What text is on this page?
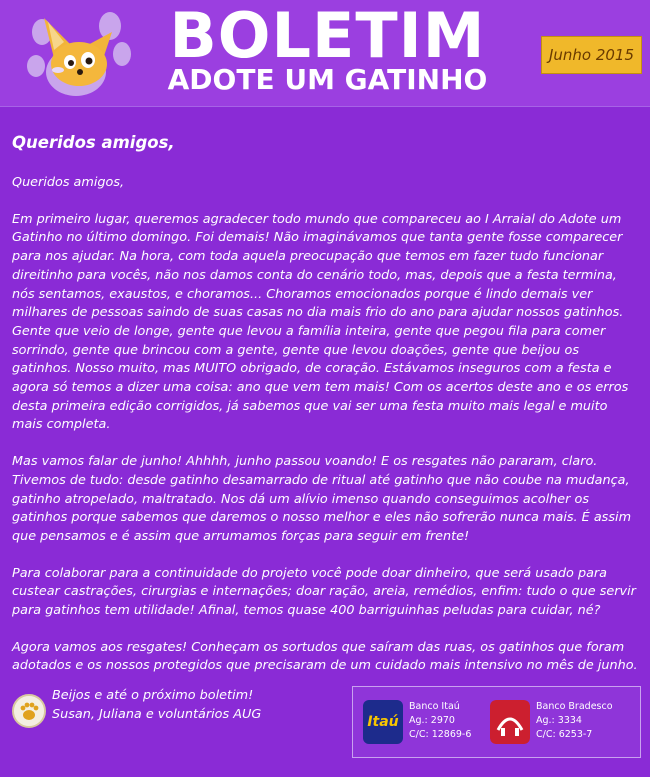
BOLETIM
ADOTE UM GATINHO
Junho 2015
Queridos amigos,

Queridos amigos,

Em primeiro lugar, queremos agradecer todo mundo que compareceu ao I Arraial do Adote um Gatinho no último domingo. Foi demais! Não imaginávamos que tanta gente fosse comparecer para nos ajudar. Na hora, com toda aquela preocupação que temos em fazer tudo funcionar direitinho para vocês, não nos damos conta do cenário todo, mas, depois que a festa termina, nós sentamos, exaustos, e choramos... Choramos emocionados porque é lindo demais ver milhares de pessoas saindo de suas casas no dia mais frio do ano para ajudar nossos gatinhos. Gente que veio de longe, gente que levou a família inteira, gente que pegou fila para comer sorrindo, gente que brincou com a gente, gente que levou doações, gente que beijou os gatinhos. Nosso muito, mas MUITO obrigado, de coração. Estávamos inseguros com a festa e agora só temos a dizer uma coisa: ano que vem tem mais! Com os acertos deste ano e os erros desta primeira edição corrigidos, já sabemos que vai ser uma festa muito mais legal e muito mais completa.

Mas vamos falar de junho! Ahhhh, junho passou voando! E os resgates não pararam, claro. Tivemos de tudo: desde gatinho desamarrado de ritual até gatinho que não coube na mudança, gatinho atropelado, maltratado. Nos dá um alívio imenso quando conseguimos acolher os gatinhos porque sabemos que daremos o nosso melhor e eles não sofrerão nunca mais. É assim que pensamos e é assim que arrumamos forças para seguir em frente!

Para colaborar para a continuidade do projeto você pode doar dinheiro, que será usado para custear castrações, cirurgias e internações; doar ração, areia, remédios, enfim: tudo o que servir para gatinhos tem utilidade! Afinal, temos quase 400 barriguinhas peludas para cuidar, né?

Agora vamos aos resgates! Conheçam os sortudos que saíram das ruas, os gatinhos que foram adotados e os nossos protegidos que precisaram de um cuidado mais intensivo no mês de junho.

Beijos e até o próximo boletim!
Susan, Juliana e voluntários AUG	Itaú
Banco Itaú
Ag.: 2970
C/C: 12869-6
Banco Bradesco
Ag.: 3334
C/C: 6253-7
